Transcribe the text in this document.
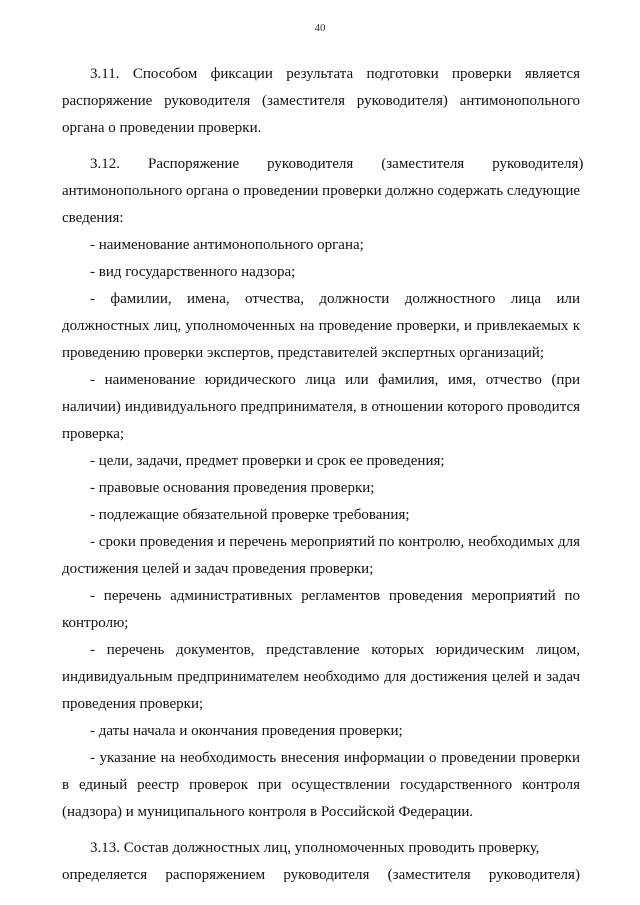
40

3.11. Способом фиксации результата подготовки проверки является распоряжение руководителя (заместителя руководителя) антимонопольного органа о проведении проверки.

3.12.	Распоряжение	руководителя	(заместителя	руководителя)

антимонопольного органа о проведении проверки должно содержать следующие сведения:

- наименование антимонопольного органа;

- вид государственного надзора;

- фамилии, имена, отчества, должности должностного лица или должностных лиц, уполномоченных на проведение проверки, и привлекаемых к проведению проверки экспертов, представителей экспертных организаций;

- наименование юридического лица или фамилия, имя, отчество (при наличии) индивидуального предпринимателя, в отношении которого проводится проверка;

- цели, задачи, предмет проверки и срок ее проведения;

- правовые основания проведения проверки;

- подлежащие обязательной проверке требования;

- сроки проведения и перечень мероприятий по контролю, необходимых для достижения целей и задач проведения проверки;

- перечень административных регламентов проведения мероприятий по контролю;

- перечень документов, представление которых юридическим лицом, индивидуальным предпринимателем необходимо для достижения целей и задач проведения проверки;

- даты начала и окончания проведения проверки;

- указание на необходимость внесения информации о проведении проверки в единый реестр проверок при осуществлении государственного контроля (надзора) и муниципального контроля в Российской Федерации.

3.13. Состав должностных лиц, уполномоченных проводить проверку,

определяется распоряжением руководителя (заместителя руководителя)
